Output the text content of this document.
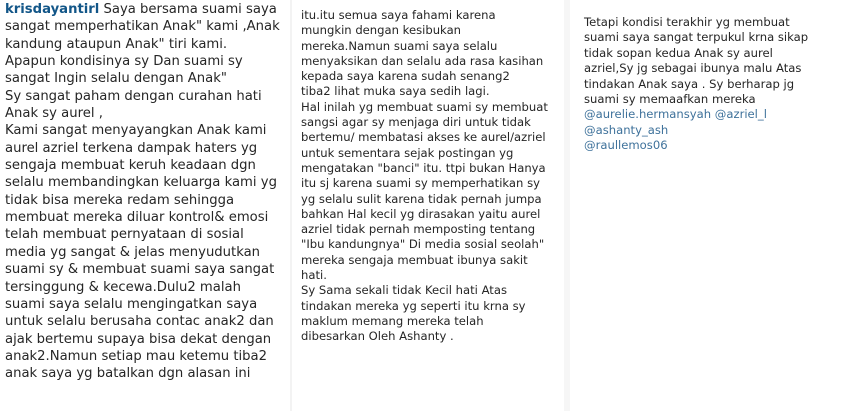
krisdayantirl Saya bersama suami saya
sangat memperhatikan Anak" kami ,Anak
kandung ataupun Anak" tiri kami.
Apapun kondisinya sy Dan suami sy
sangat Ingin selalu dengan Anak"
Sy sangat paham dengan curahan hati
Anak sy aurel ,
Kami sangat menyayangkan Anak kami
aurel azriel terkena dampak haters yg
sengaja membuat keruh keadaan dgn
selalu membandingkan keluarga kami yg
tidak bisa mereka redam sehingga
membuat mereka diluar kontrol& emosi
telah membuat pernyataan di sosial
media yg sangat & jelas menyudutkan
suami sy & membuat suami saya sangat
tersinggung & kecewa.Dulu2 malah
suami saya selalu mengingatkan saya
untuk selalu berusaha contac anak2 dan
ajak bertemu supaya bisa dekat dengan
anak2.Namun setiap mau ketemu tiba2
anak saya yg batalkan dgn alasan ini
itu.itu semua saya fahami karena
mungkin dengan kesibukan
mereka.Namun suami saya selalu
menyaksikan dan selalu ada rasa kasihan
kepada saya karena sudah senang2
tiba2 lihat muka saya sedih lagi.
Hal inilah yg membuat suami sy membuat
sangsi agar sy menjaga diri untuk tidak
bertemu/ membatasi akses ke aurel/azriel
untuk sementara sejak postingan yg
mengatakan "banci" itu. ttpi bukan Hanya
itu sj karena suami sy memperhatikan sy
yg selalu sulit karena tidak pernah jumpa
bahkan Hal kecil yg dirasakan yaitu aurel
azriel tidak pernah memposting tentang
"Ibu kandungnya" Di media sosial seolah"
mereka sengaja membuat ibunya sakit
hati.
Sy Sama sekali tidak Kecil hati Atas
tindakan mereka yg seperti itu krna sy
maklum memang mereka telah
dibesarkan Oleh Ashanty .
Tetapi kondisi terakhir yg membuat
suami saya sangat terpukul krna sikap
tidak sopan kedua Anak sy aurel
azriel,Sy jg sebagai ibunya malu Atas
tindakan Anak saya . Sy berharap jg
suami sy memaafkan mereka
@aurelie.hermansyah @azriel_l
@ashanty_ash
@raullemos06
